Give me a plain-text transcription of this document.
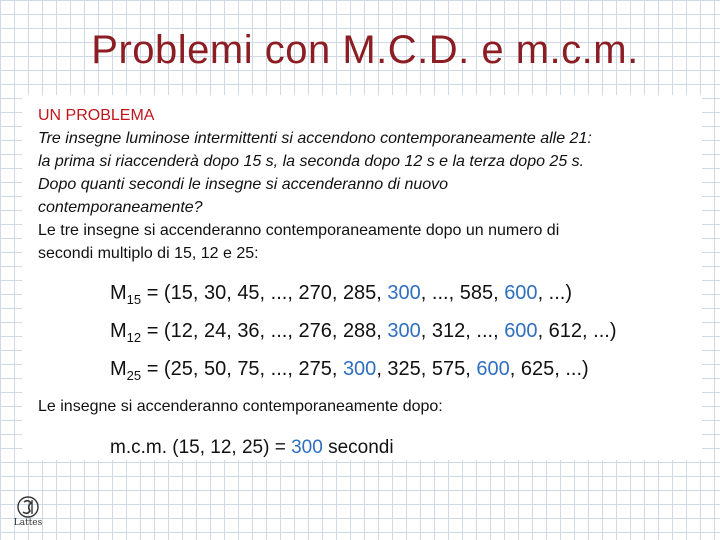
Problemi con M.C.D. e m.c.m.
UN PROBLEMA
Tre insegne luminose intermittenti si accendono contemporaneamente alle 21:
la prima si riaccenderà dopo 15 s, la seconda dopo 12 s e la terza dopo 25 s.
Dopo quanti secondi le insegne si accenderanno di nuovo
contemporaneamente?
Le tre insegne si accenderanno contemporaneamente dopo un numero di
secondi multiplo di 15, 12 e 25:
$M_{15} = (15$, 30, 45, ..., 270, 285, 300, ..., 585, 600, ...)
$M_{12} = (12$, 24, 36, ..., 276, 288, 300, 312, ..., 600, 612, ...)
$M_{25} = (25$, 50, 75, ..., 275, 300, 325, 575, 600, 625, ...)
Le insegne si accenderanno contemporaneamente dopo:
m.c.m. (15, 12, 25) = 300 secondi
Lattes
